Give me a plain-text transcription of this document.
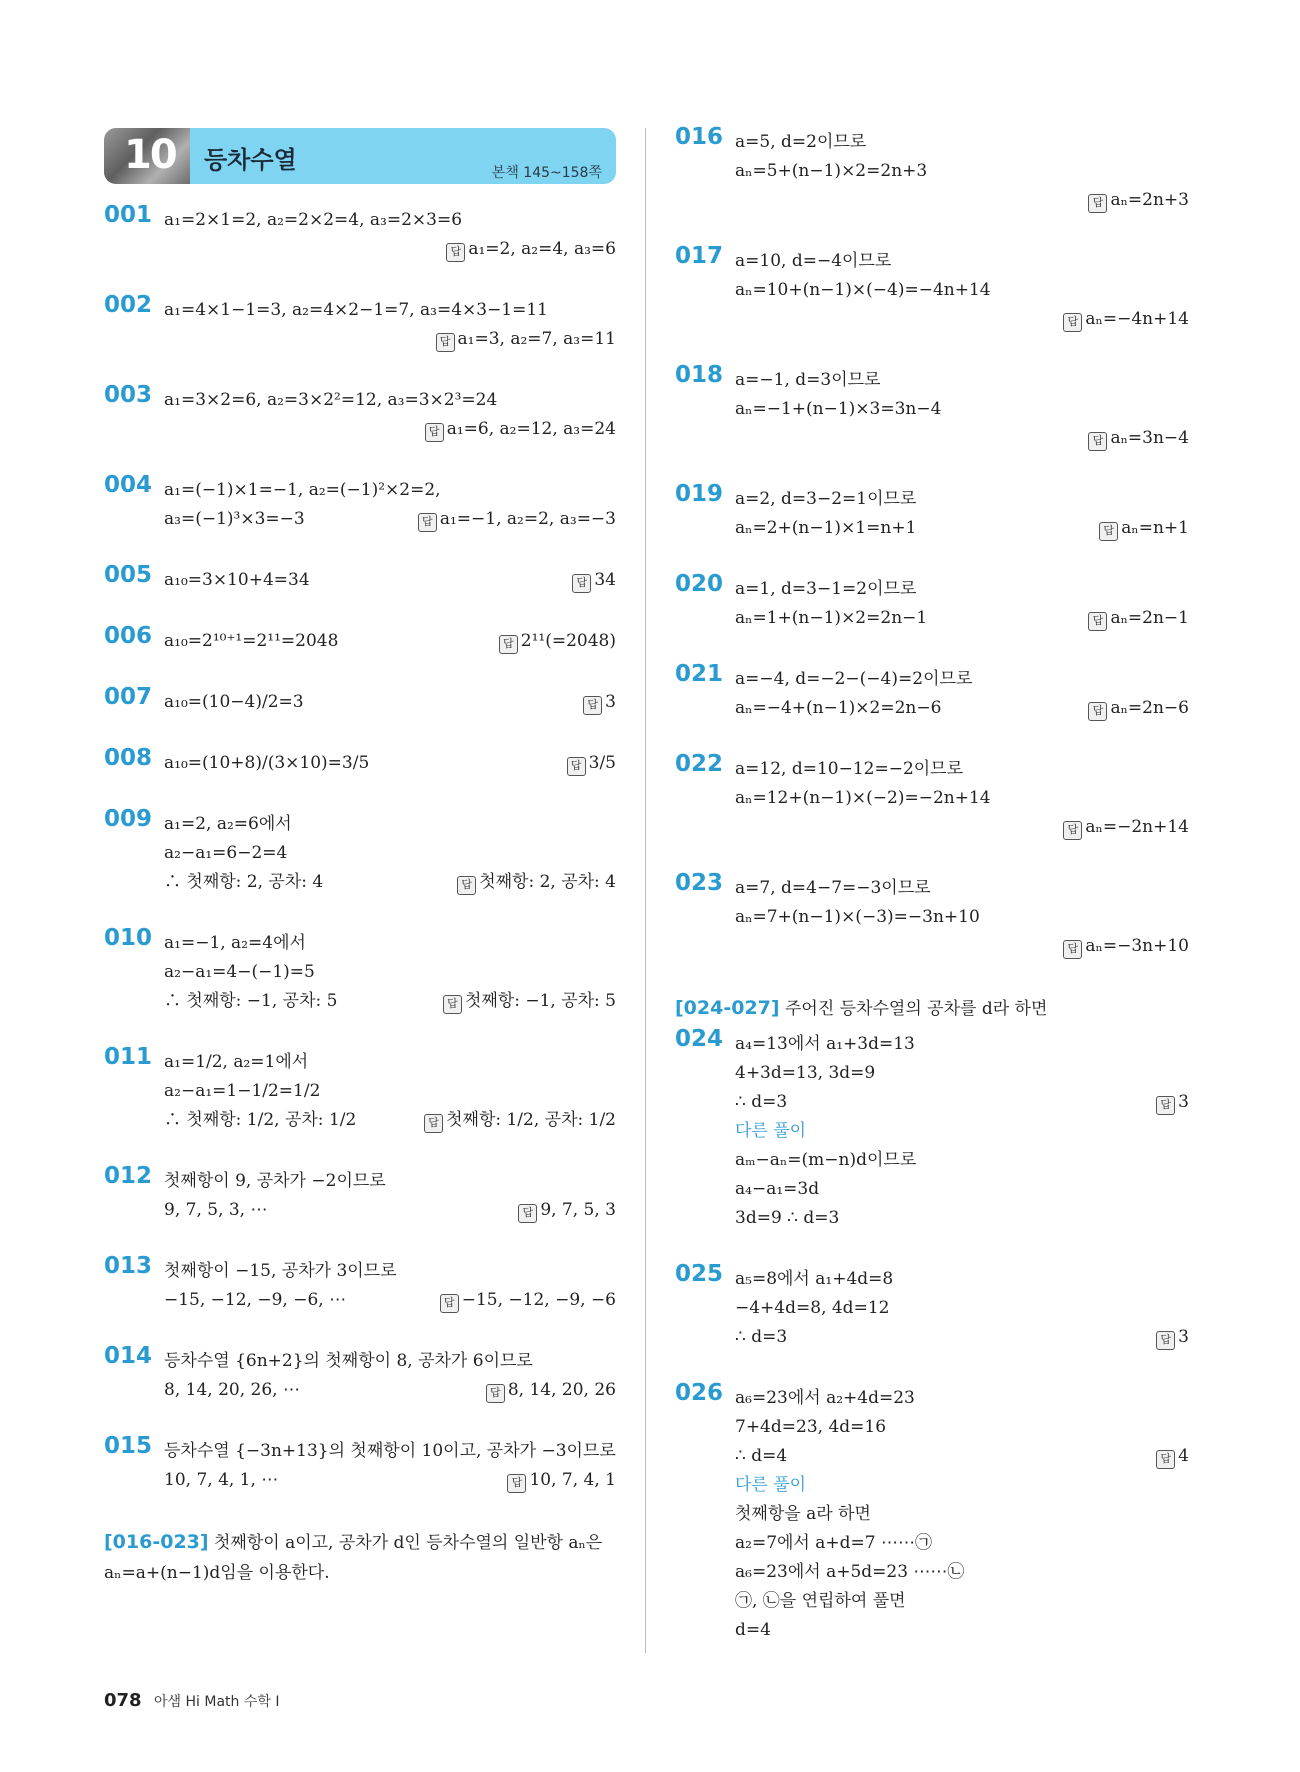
10 등차수열	본책 145~158쪽
001 a₁=2×1=2, a₂=2×2=4, a₃=2×3=6
답 a₁=2, a₂=4, a₃=6
002 a₁=4×1−1=3, a₂=4×2−1=7, a₃=4×3−1=11
답 a₁=3, a₂=7, a₃=11
003 a₁=3×2=6, a₂=3×2²=12, a₃=3×2³=24
답 a₁=6, a₂=12, a₃=24
004 a₁=(−1)×1=−1, a₂=(−1)²×2=2,
a₃=(−1)³×3=−3	답 a₁=−1, a₂=2, a₃=−3
005 a₁₀=3×10+4=34	답 34
006 a₁₀=2¹⁰⁺¹=2¹¹=2048	답 2¹¹(=2048)
007 a₁₀=(10−4)/2=3	답 3
008 a₁₀=(10+8)/(3×10)=3/5	답 3/5
009 a₁=2, a₂=6에서
a₂−a₁=6−2=4
∴ 첫째항: 2, 공차: 4	답 첫째항: 2, 공차: 4
010 a₁=−1, a₂=4에서
a₂−a₁=4−(−1)=5
∴ 첫째항: −1, 공차: 5	답 첫째항: −1, 공차: 5
011 a₁=1/2, a₂=1에서
a₂−a₁=1−1/2=1/2
∴ 첫째항: 1/2, 공차: 1/2	답 첫째항: 1/2, 공차: 1/2
012 첫째항이 9, 공차가 −2이므로
9, 7, 5, 3, ⋯	답 9, 7, 5, 3
013 첫째항이 −15, 공차가 3이므로
−15, −12, −9, −6, ⋯	답 −15, −12, −9, −6
014 등차수열 {6n+2}의 첫째항이 8, 공차가 6이므로
8, 14, 20, 26, ⋯	답 8, 14, 20, 26
015 등차수열 {−3n+13}의 첫째항이 10이고, 공차가 −3이므로
10, 7, 4, 1, ⋯	답 10, 7, 4, 1
[016-023] 첫째항이 a이고, 공차가 d인 등차수열의 일반항 aₙ은
aₙ=a+(n−1)d임을 이용한다.
016 a=5, d=2이므로
aₙ=5+(n−1)×2=2n+3
답 aₙ=2n+3
017 a=10, d=−4이므로
aₙ=10+(n−1)×(−4)=−4n+14
답 aₙ=−4n+14
018 a=−1, d=3이므로
aₙ=−1+(n−1)×3=3n−4
답 aₙ=3n−4
019 a=2, d=3−2=1이므로
aₙ=2+(n−1)×1=n+1	답 aₙ=n+1
020 a=1, d=3−1=2이므로
aₙ=1+(n−1)×2=2n−1	답 aₙ=2n−1
021 a=−4, d=−2−(−4)=2이므로
aₙ=−4+(n−1)×2=2n−6	답 aₙ=2n−6
022 a=12, d=10−12=−2이므로
aₙ=12+(n−1)×(−2)=−2n+14
답 aₙ=−2n+14
023 a=7, d=4−7=−3이므로
aₙ=7+(n−1)×(−3)=−3n+10
답 aₙ=−3n+10
[024-027] 주어진 등차수열의 공차를 d라 하면
024 a₄=13에서 a₁+3d=13
4+3d=13, 3d=9
∴ d=3	답 3
다른 풀이
aₘ−aₙ=(m−n)d이므로
a₄−a₁=3d
3d=9 ∴ d=3
025 a₅=8에서 a₁+4d=8
−4+4d=8, 4d=12
∴ d=3	답 3
026 a₆=23에서 a₂+4d=23
7+4d=23, 4d=16
∴ d=4	답 4
다른 풀이
첫째항을 a라 하면
a₂=7에서 a+d=7 ⋯⋯㉠
a₆=23에서 a+5d=23 ⋯⋯㉡
㉠, ㉡을 연립하여 풀면
d=4
078 아샘 Hi Math 수학 Ⅰ
